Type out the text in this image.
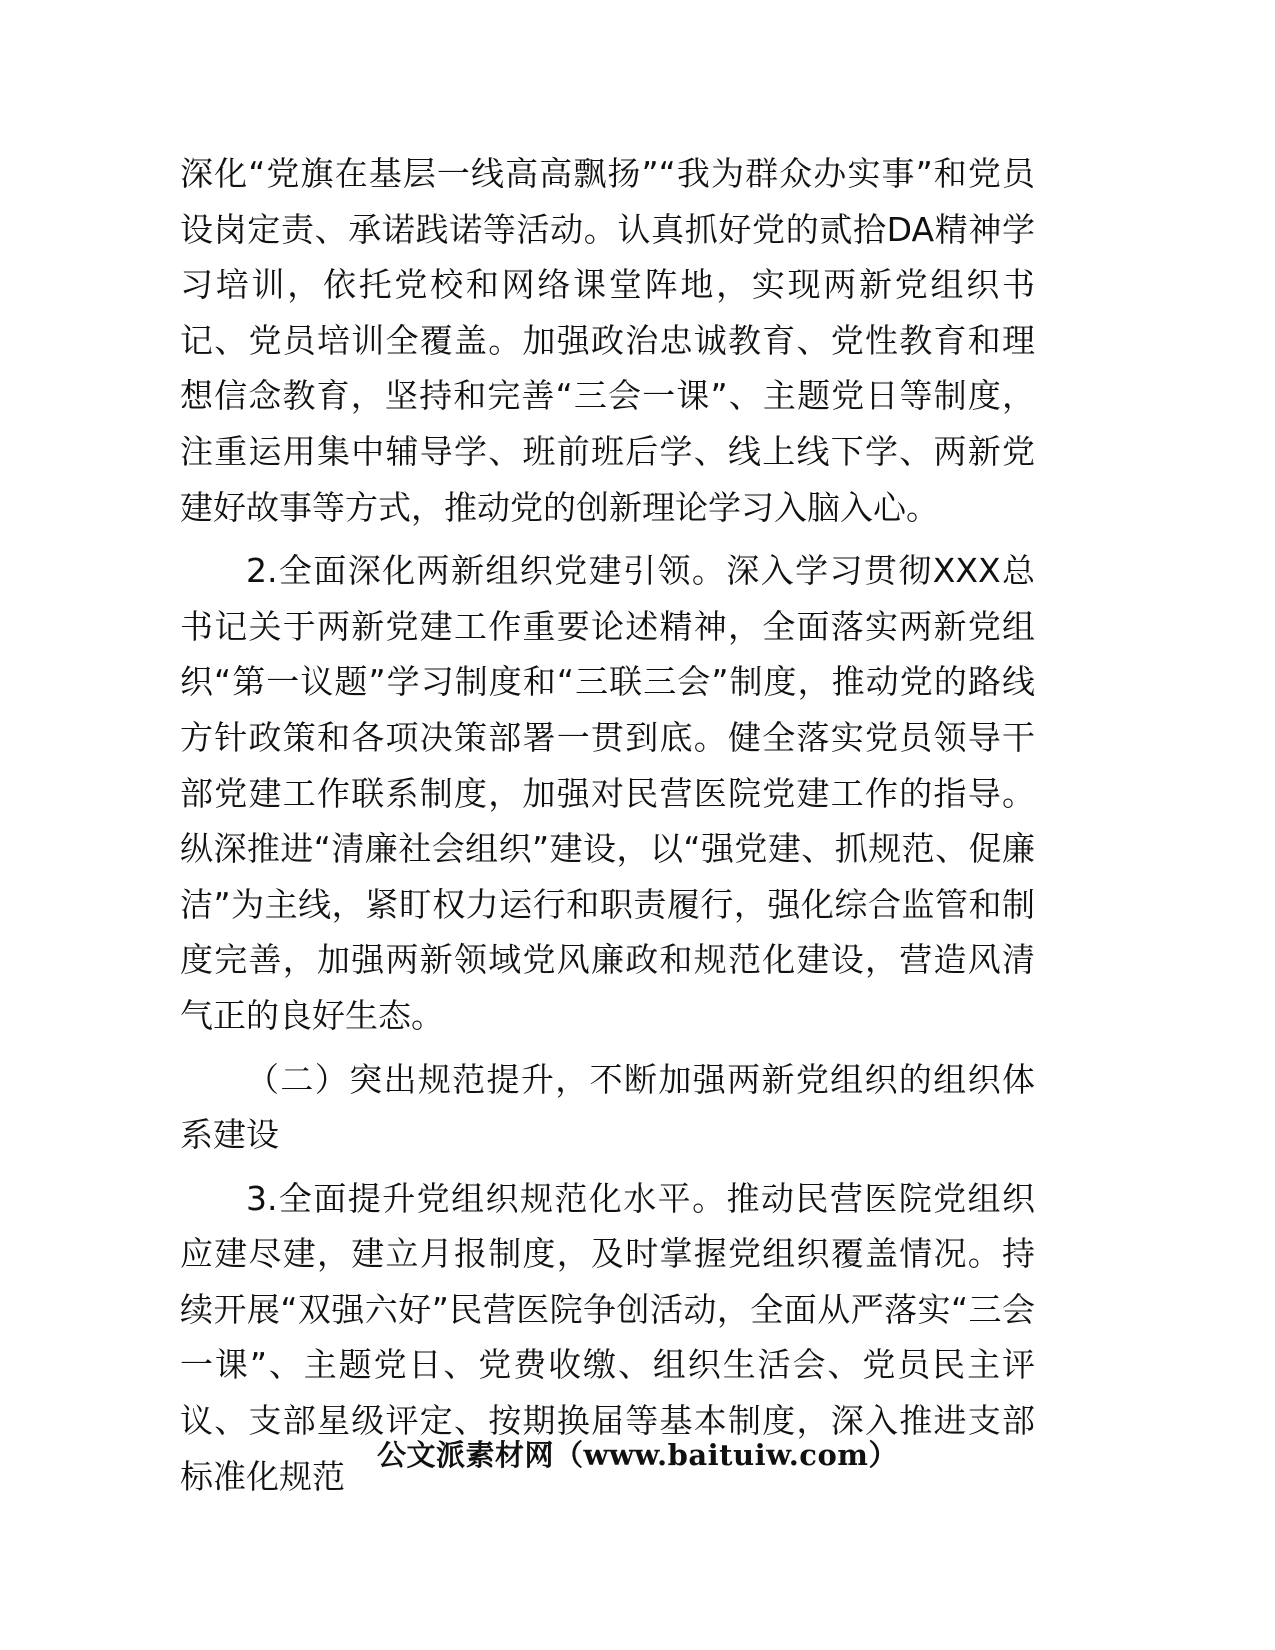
深化“党旗在基层一线高高飘扬”“我为群众办实事”和党员设岗定责、承诺践诺等活动。认真抓好党的贰拾DA精神学习培训，依托党校和网络课堂阵地，实现两新党组织书记、党员培训全覆盖。加强政治忠诚教育、党性教育和理想信念教育，坚持和完善“三会一课”、主题党日等制度，注重运用集中辅导学、班前班后学、线上线下学、两新党建好故事等方式，推动党的创新理论学习入脑入心。

2.全面深化两新组织党建引领。深入学习贯彻XXX总书记关于两新党建工作重要论述精神，全面落实两新党组织“第一议题”学习制度和“三联三会”制度，推动党的路线方针政策和各项决策部署一贯到底。健全落实党员领导干部党建工作联系制度，加强对民营医院党建工作的指导。纵深推进“清廉社会组织”建设，以“强党建、抓规范、促廉洁”为主线，紧盯权力运行和职责履行，强化综合监管和制度完善，加强两新领域党风廉政和规范化建设，营造风清气正的良好生态。

（二）突出规范提升，不断加强两新党组织的组织体系建设

3.全面提升党组织规范化水平。推动民营医院党组织应建尽建，建立月报制度，及时掌握党组织覆盖情况。持续开展“双强六好”民营医院争创活动，全面从严落实“三会一课”、主题党日、党费收缴、组织生活会、党员民主评议、支部星级评定、按期换届等基本制度，深入推进支部标准化规范

公文派素材网（www.baituiw.com）
